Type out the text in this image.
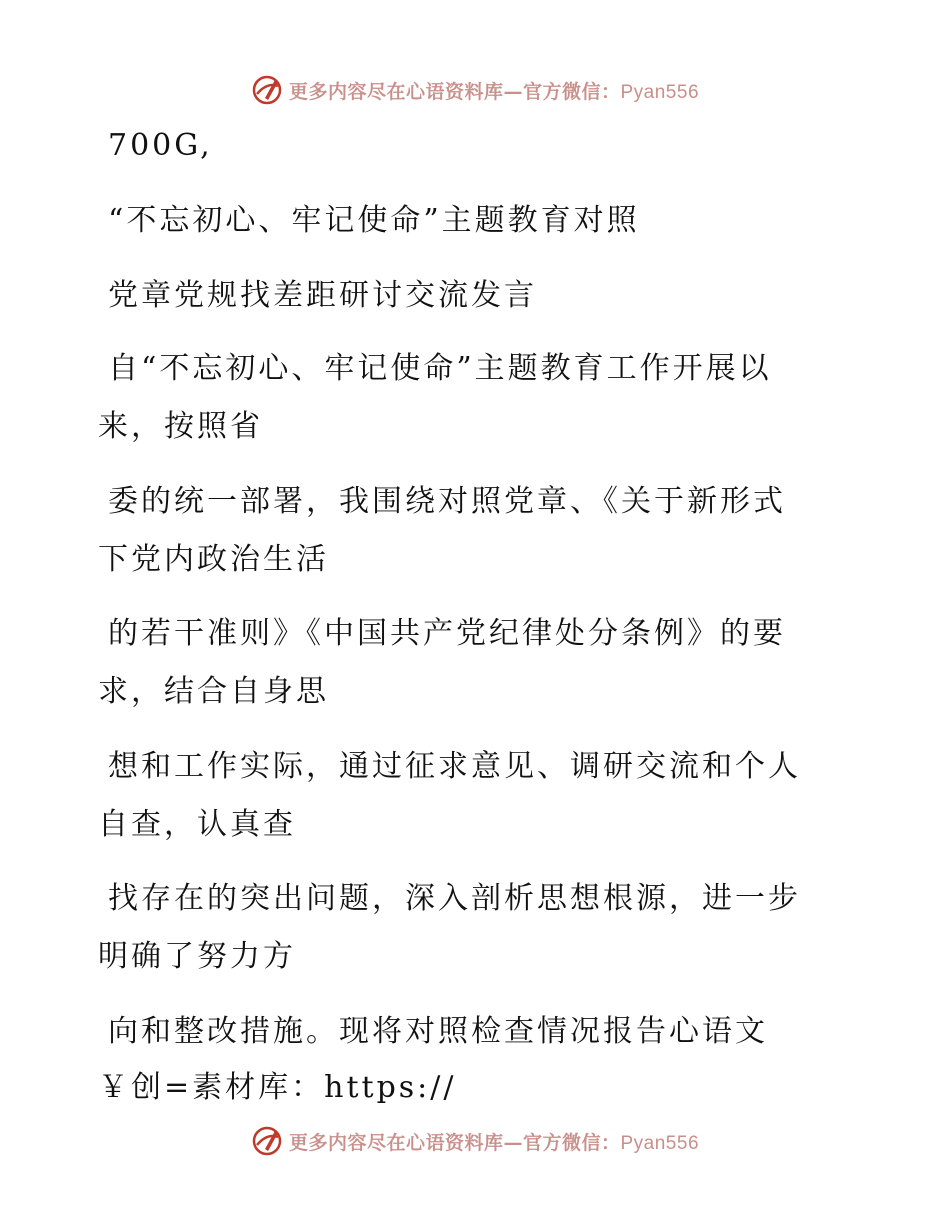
更多内容尽在心语资料库—官方微信：Pyan556
700G,
“不忘初心、牢记使命”主题教育对照
党章党规找差距研讨交流发言
自“不忘初心、牢记使命”主题教育工作开展以
来，按照省
委的统一部署，我围绕对照党章、《关于新形式
下党内政治生活
的若干准则》《中国共产党纪律处分条例》的要
求，结合自身思
想和工作实际，通过征求意见、调研交流和个人
自查，认真查
找存在的突出问题，深入剖析思想根源，进一步
明确了努力方
向和整改措施。现将对照检查情况报告心语文
￥创=素材库：https://
更多内容尽在心语资料库—官方微信：Pyan556
